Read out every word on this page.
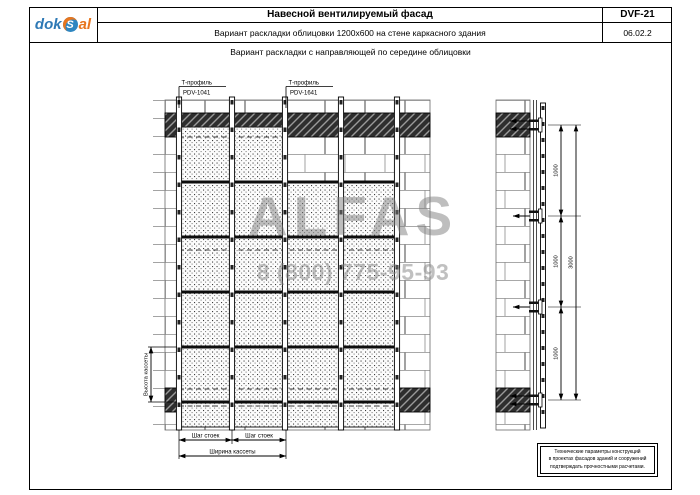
Т-профиль
PDV-1041
Т-профиль
PDV-1641
Высота кассеты
Шаг стоек	Шаг стоек
Ширина кассеты
1000
1000
1000
3000
dok S al
Навесной вентилируемый фасад
Вариант раскладки облицовки 1200x600 на стене каркасного здания
DVF-21
06.02.2
Вариант раскладки с направляющей по середине облицовки
Технические параметры конструкций
в проектах фасадов зданий и сооружений
подтверждать прочностными расчетами.
ALFAS
8 (800) 775-95-93
